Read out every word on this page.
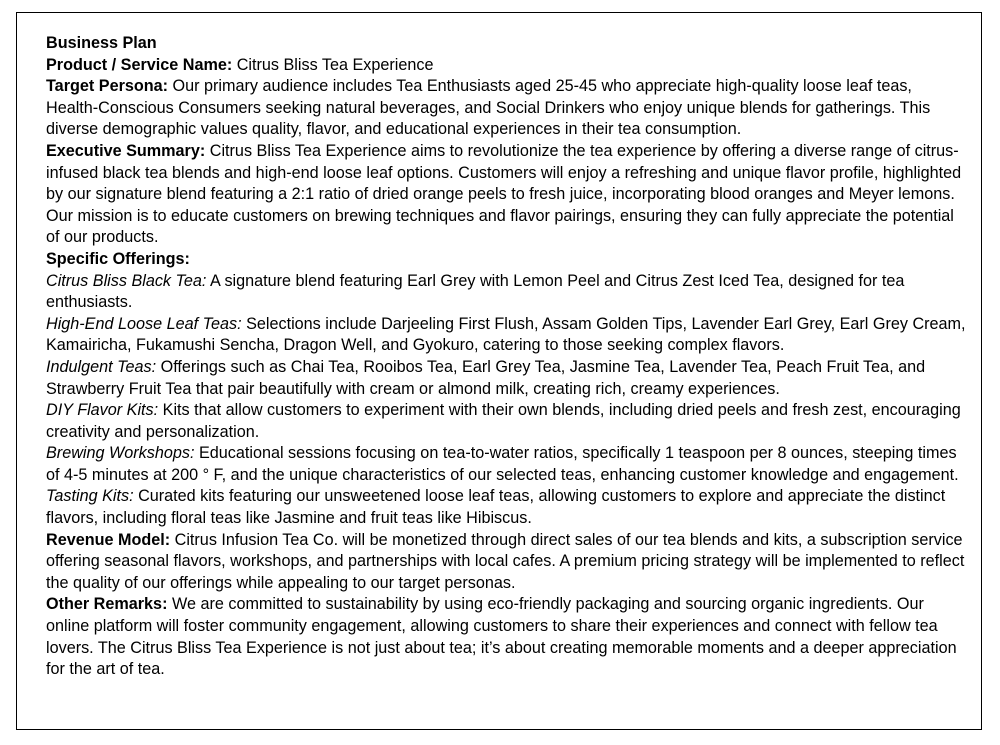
Business Plan

Product / Service Name: Citrus Bliss Tea Experience

Target Persona: Our primary audience includes Tea Enthusiasts aged 25-45 who appreciate high-quality loose leaf teas, Health-Conscious Consumers seeking natural beverages, and Social Drinkers who enjoy unique blends for gatherings. This diverse demographic values quality, flavor, and educational experiences in their tea consumption.

Executive Summary: Citrus Bliss Tea Experience aims to revolutionize the tea experience by offering a diverse range of citrus-infused black tea blends and high-end loose leaf options. Customers will enjoy a refreshing and unique flavor profile, highlighted by our signature blend featuring a 2:1 ratio of dried orange peels to fresh juice, incorporating blood oranges and Meyer lemons. Our mission is to educate customers on brewing techniques and flavor pairings, ensuring they can fully appreciate the potential of our products.

Specific Offerings:

Citrus Bliss Black Tea: A signature blend featuring Earl Grey with Lemon Peel and Citrus Zest Iced Tea, designed for tea enthusiasts.

High-End Loose Leaf Teas: Selections include Darjeeling First Flush, Assam Golden Tips, Lavender Earl Grey, Earl Grey Cream,

Kamairicha, Fukamushi Sencha, Dragon Well, and Gyokuro, catering to those seeking complex flavors.

Indulgent Teas: Offerings such as Chai Tea, Rooibos Tea, Earl Grey Tea, Jasmine Tea, Lavender Tea, Peach Fruit Tea, and Strawberry Fruit Tea that pair beautifully with cream or almond milk, creating rich, creamy experiences.

DIY Flavor Kits: Kits that allow customers to experiment with their own blends, including dried peels and fresh zest, encouraging creativity and personalization.

Brewing Workshops: Educational sessions focusing on tea-to-water ratios, specifically 1 teaspoon per 8 ounces, steeping times of 4-5 minutes at 200 ° F, and the unique characteristics of our selected teas, enhancing customer knowledge and engagement.

Tasting Kits: Curated kits featuring our unsweetened loose leaf teas, allowing customers to explore and appreciate the distinct flavors, including floral teas like Jasmine and fruit teas like Hibiscus.

Revenue Model: Citrus Infusion Tea Co. will be monetized through direct sales of our tea blends and kits, a subscription service offering seasonal flavors, workshops, and partnerships with local cafes. A premium pricing strategy will be implemented to reflect the quality of our offerings while appealing to our target personas.

Other Remarks: We are committed to sustainability by using eco-friendly packaging and sourcing organic ingredients. Our online platform will foster community engagement, allowing customers to share their experiences and connect with fellow tea lovers. The Citrus Bliss Tea Experience is not just about tea; it’s about creating memorable moments and a deeper appreciation for the art of tea.
